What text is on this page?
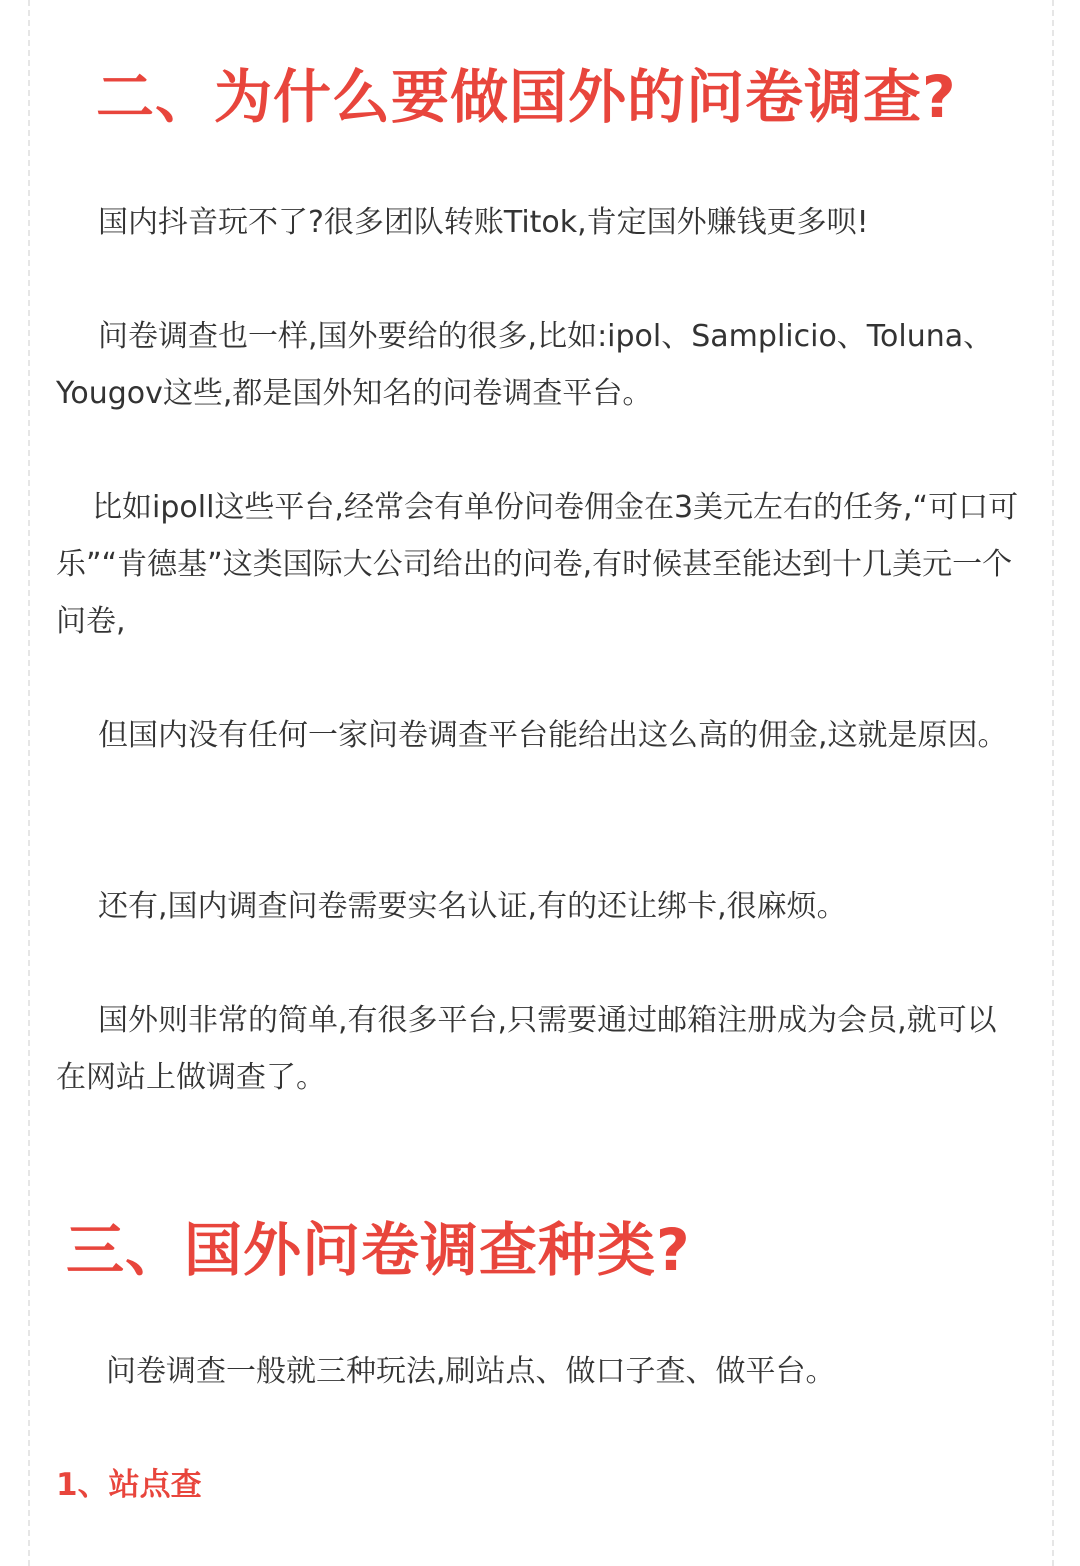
二、为什么要做国外的问卷调查?

国内抖音玩不了?很多团队转账Titok,肯定国外赚钱更多呗!

问卷调查也一样,国外要给的很多,比如:ipol、Samplicio、Toluna、Yougov这些,都是国外知名的问卷调查平台。

比如ipoll这些平台,经常会有单份问卷佣金在3美元左右的任务,“可口可乐”“肯德基”这类国际大公司给出的问卷,有时候甚至能达到十几美元一个问卷,

但国内没有任何一家问卷调查平台能给出这么高的佣金,这就是原因。

还有,国内调查问卷需要实名认证,有的还让绑卡,很麻烦。

国外则非常的简单,有很多平台,只需要通过邮箱注册成为会员,就可以在网站上做调查了。

三、国外问卷调查种类?

问卷调查一般就三种玩法,刷站点、做口子查、做平台。

1、站点查
